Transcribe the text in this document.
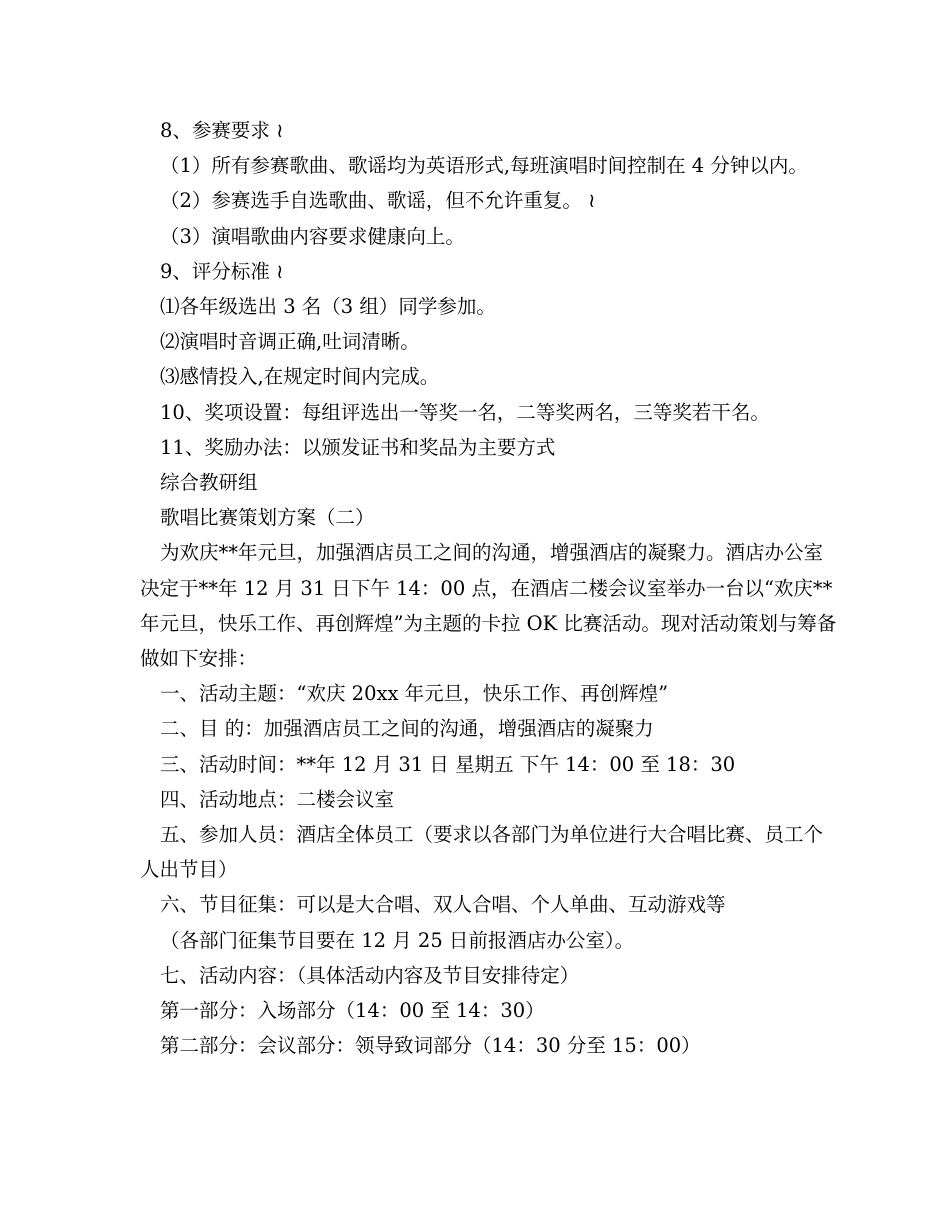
8、参赛要求 ≀

（1）所有参赛歌曲、歌谣均为英语形式,每班演唱时间控制在 4 分钟以内。

（2）参赛选手自选歌曲、歌谣，但不允许重复。 ≀

（3）演唱歌曲内容要求健康向上。

9、评分标准 ≀

⑴各年级选出 3 名（3 组）同学参加。

⑵演唱时音调正确,吐词清晰。

⑶感情投入,在规定时间内完成。

10、奖项设置：每组评选出一等奖一名，二等奖两名，三等奖若干名。

11、奖励办法：以颁发证书和奖品为主要方式

综合教研组

歌唱比赛策划方案（二）

为欢庆**年元旦，加强酒店员工之间的沟通，增强酒店的凝聚力。酒店办公室决定于**年 12 月 31 日下午 14：00 点，在酒店二楼会议室举办一台以“欢庆**年元旦，快乐工作、再创辉煌”为主题的卡拉 OK 比赛活动。现对活动策划与筹备做如下安排：

一、活动主题：“欢庆 20xx 年元旦，快乐工作、再创辉煌”

二、目 的：加强酒店员工之间的沟通，增强酒店的凝聚力

三、活动时间：**年 12 月 31 日 星期五 下午 14：00 至 18：30

四、活动地点：二楼会议室

五、参加人员：酒店全体员工（要求以各部门为单位进行大合唱比赛、员工个人出节目）

六、节目征集：可以是大合唱、双人合唱、个人单曲、互动游戏等

（各部门征集节目要在 12 月 25 日前报酒店办公室）。

七、活动内容：（具体活动内容及节目安排待定）

第一部分：入场部分（14：00 至 14：30）

第二部分：会议部分：领导致词部分（14：30 分至 15：00）
